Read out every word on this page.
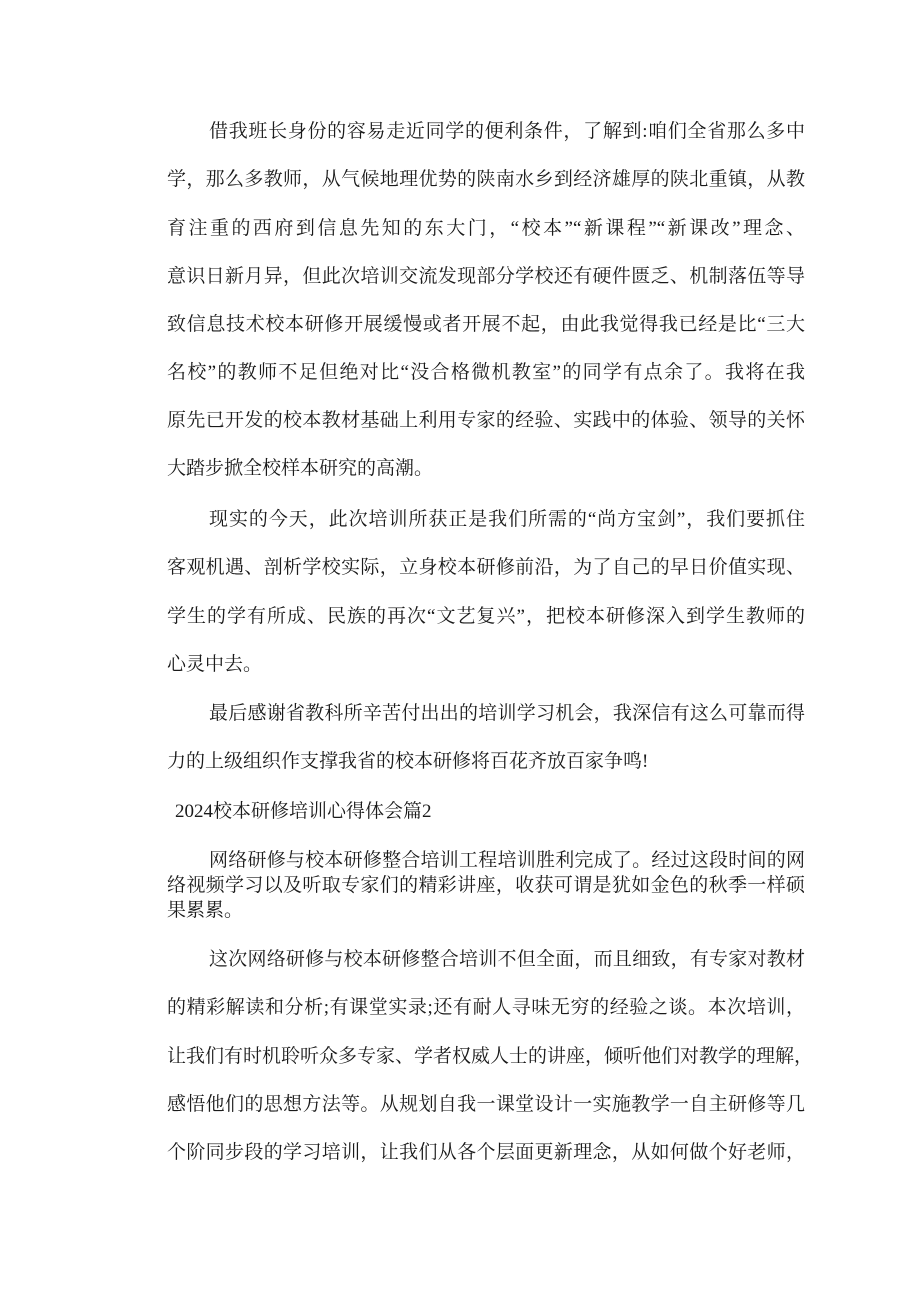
借我班长身份的容易走近同学的便利条件，了解到:咱们全省那么多中
学，那么多教师，从气候地理优势的陕南水乡到经济雄厚的陕北重镇，从教
育注重的西府到信息先知的东大门，“校本”“新课程”“新课改”理念、
意识日新月异，但此次培训交流发现部分学校还有硬件匮乏、机制落伍等导
致信息技术校本研修开展缓慢或者开展不起，由此我觉得我已经是比“三大
名校”的教师不足但绝对比“没合格微机教室”的同学有点余了。我将在我
原先已开发的校本教材基础上利用专家的经验、实践中的体验、领导的关怀
大踏步掀全校样本研究的高潮。
现实的今天，此次培训所获正是我们所需的“尚方宝剑”，我们要抓住
客观机遇、剖析学校实际，立身校本研修前沿，为了自己的早日价值实现、
学生的学有所成、民族的再次“文艺复兴”，把校本研修深入到学生教师的
心灵中去。
最后感谢省教科所辛苦付出出的培训学习机会，我深信有这么可靠而得
力的上级组织作支撑我省的校本研修将百花齐放百家争鸣!
2024校本研修培训心得体会篇2
网络研修与校本研修整合培训工程培训胜利完成了。经过这段时间的网
络视频学习以及听取专家们的精彩讲座，收获可谓是犹如金色的秋季一样硕
果累累。
这次网络研修与校本研修整合培训不但全面，而且细致，有专家对教材
的精彩解读和分析;有课堂实录;还有耐人寻味无穷的经验之谈。本次培训，
让我们有时机聆听众多专家、学者权威人士的讲座，倾听他们对教学的理解，
感悟他们的思想方法等。从规划自我一课堂设计一实施教学一自主研修等几
个阶同步段的学习培训，让我们从各个层面更新理念，从如何做个好老师，
